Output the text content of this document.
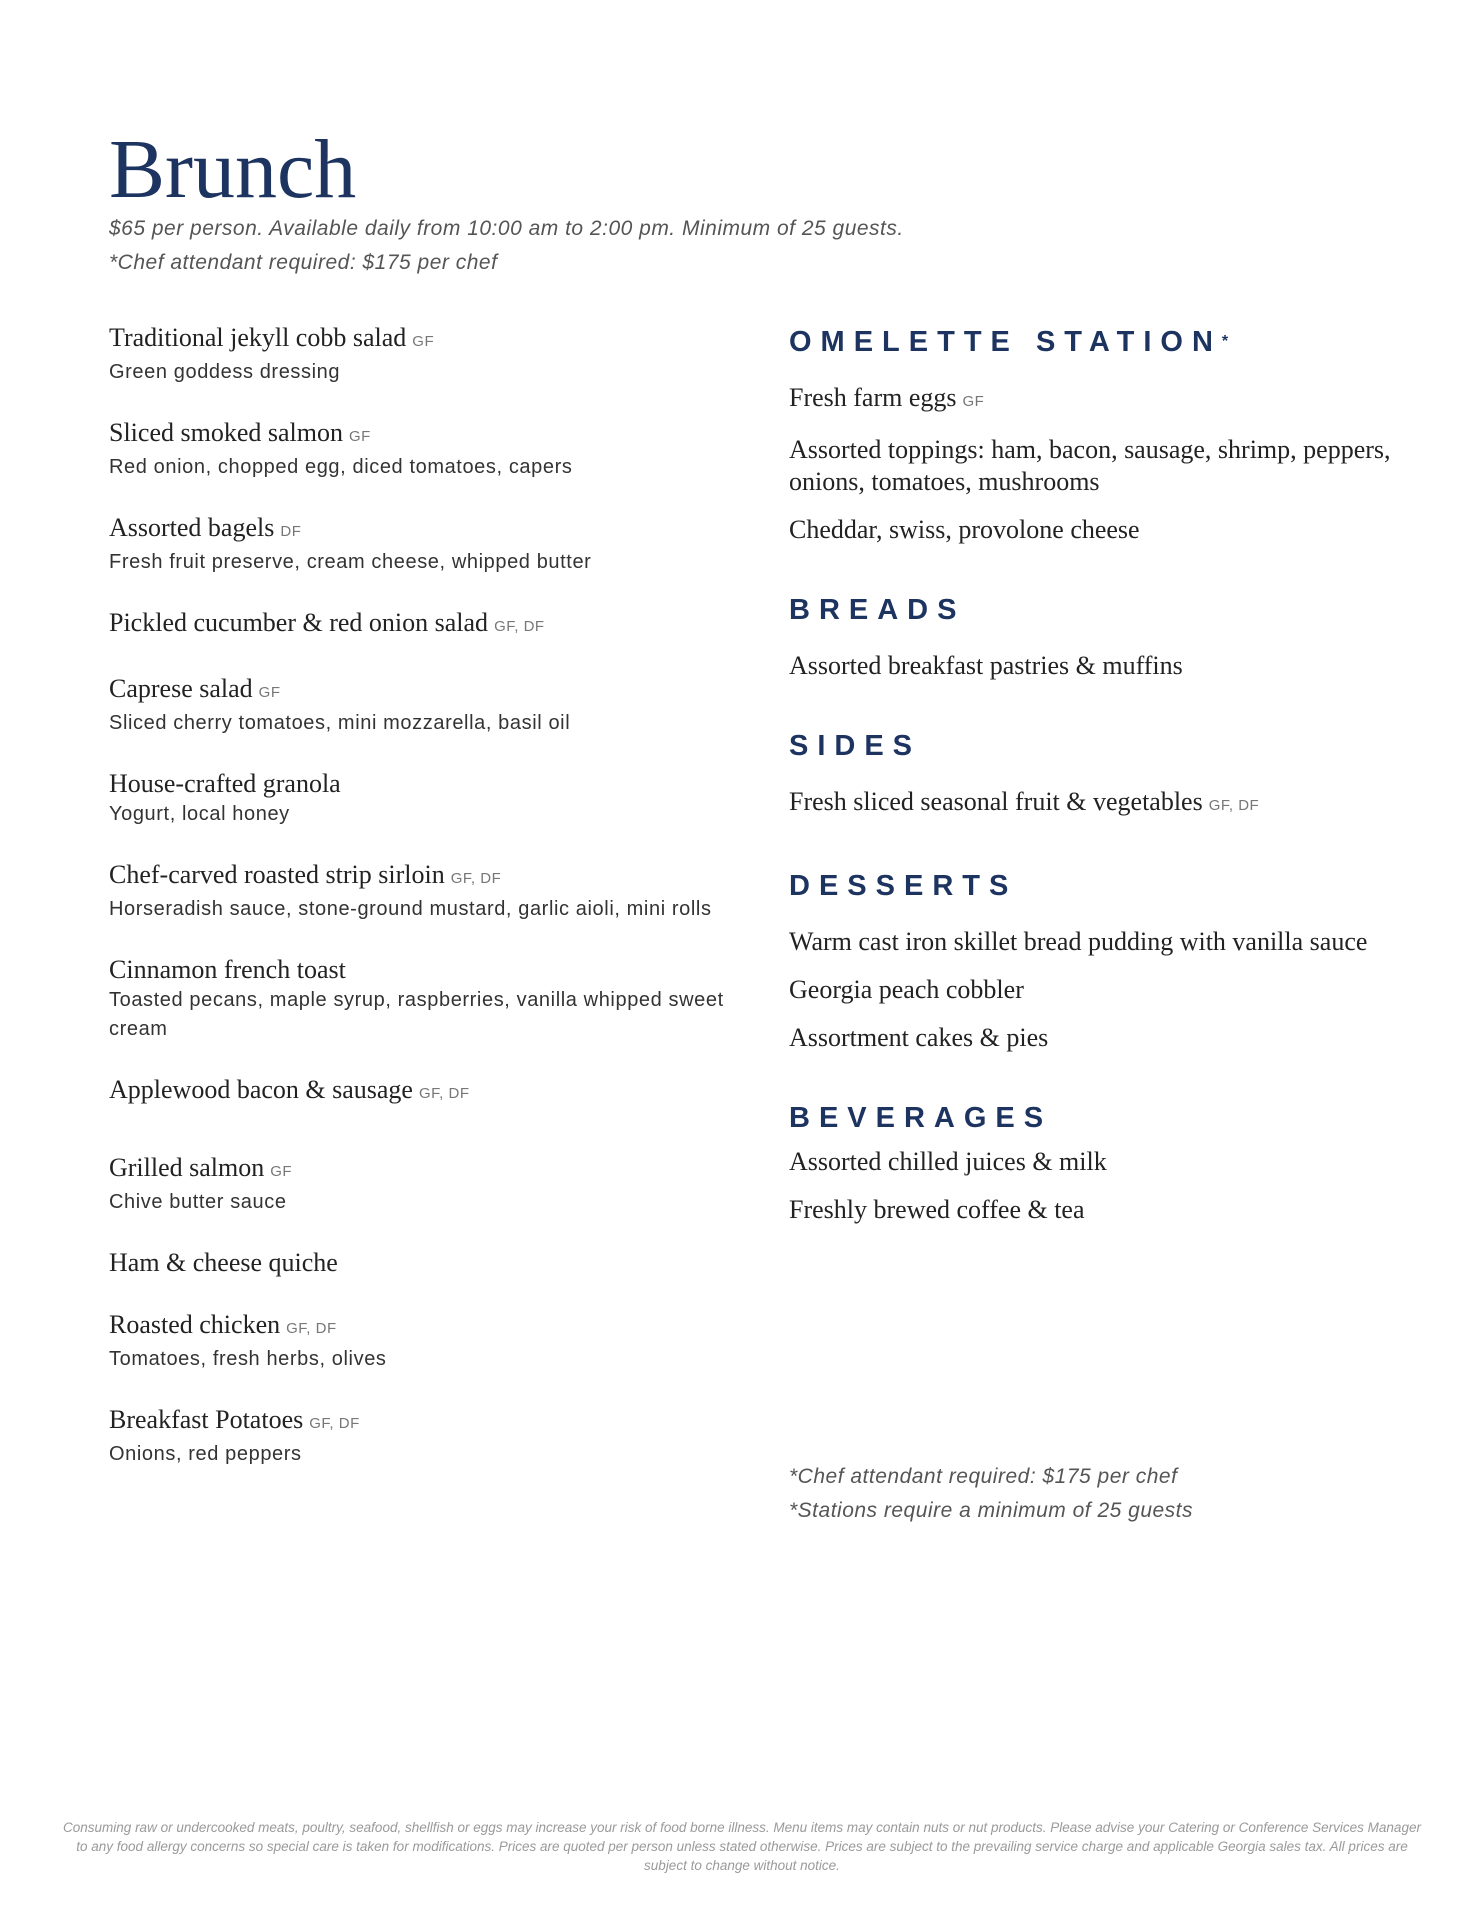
Brunch
$65 per person. Available daily from 10:00 am to 2:00 pm. Minimum of 25 guests.
*Chef attendant required: $175 per chef
Traditional jekyll cobb salad GF
Green goddess dressing
Sliced smoked salmon GF
Red onion, chopped egg, diced tomatoes, capers
Assorted bagels DF
Fresh fruit preserve, cream cheese, whipped butter
Pickled cucumber & red onion salad GF, DF
Caprese salad GF
Sliced cherry tomatoes, mini mozzarella, basil oil
House-crafted granola
Yogurt, local honey
Chef-carved roasted strip sirloin GF, DF
Horseradish sauce, stone-ground mustard, garlic aioli, mini rolls
Cinnamon french toast
Toasted pecans, maple syrup, raspberries, vanilla whipped sweet cream
Applewood bacon & sausage GF, DF
Grilled salmon GF
Chive butter sauce
Ham & cheese quiche
Roasted chicken GF, DF
Tomatoes, fresh herbs, olives
Breakfast Potatoes GF, DF
Onions, red peppers
OMELETTE STATION*
Fresh farm eggs GF
Assorted toppings: ham, bacon, sausage, shrimp, peppers, onions, tomatoes, mushrooms
Cheddar, swiss, provolone cheese
BREADS
Assorted breakfast pastries & muffins
SIDES
Fresh sliced seasonal fruit & vegetables GF, DF
DESSERTS
Warm cast iron skillet bread pudding with vanilla sauce
Georgia peach cobbler
Assortment cakes & pies
BEVERAGES
Assorted chilled juices & milk
Freshly brewed coffee & tea
*Chef attendant required: $175 per chef
*Stations require a minimum of 25 guests
Consuming raw or undercooked meats, poultry, seafood, shellfish or eggs may increase your risk of food borne illness. Menu items may contain nuts or nut products. Please advise your Catering or Conference Services Manager to any food allergy concerns so special care is taken for modifications. Prices are quoted per person unless stated otherwise. Prices are subject to the prevailing service charge and applicable Georgia sales tax. All prices are subject to change without notice.
